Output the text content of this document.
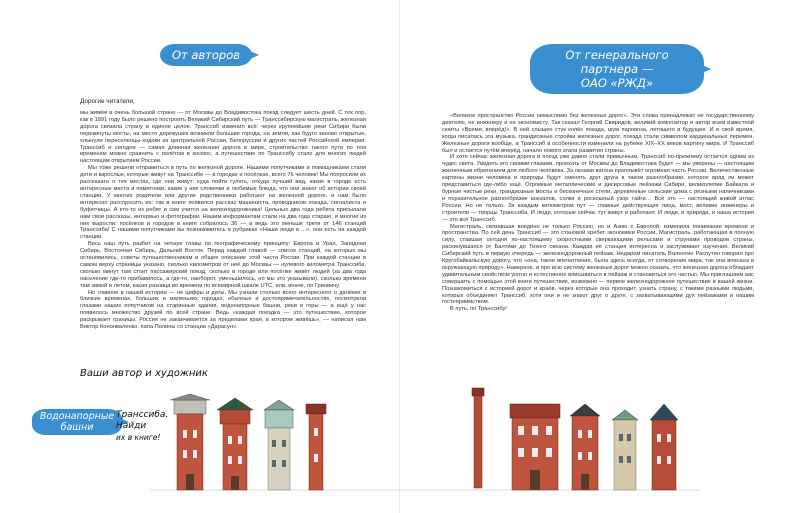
От авторов	От генерального партнера —
ОАО «РЖД»
Дорогие читатели,

мы живём в очень большой стране — от Москвы до Владивостока поезд следует шесть дней. С тех пор, как в 1891 году было решено построить Великий Сибирский путь — Транссибирскую магистраль, железная дорога связала страну в единое целое. Транссиб изменил всё: через крупнейшие реки Сибири были перекинуты мосты, на место деревушек возникли большие города, на земли, как будто заново открытые, хлынули переселенцы-ходоки из центральной России, Белоруссии и других частей Российской империи. Транссиб и сегодня — самая длинная железная дорога в мире, строительство такого пути по тем временам можно сравнить с полётом в космос, а путешествие по Транссибу стало для многих людей настоящим открытием России.

Мы тоже решили отправиться в путь по железной дороге. Нашими попутчиками и помощниками стали дети и взрослые, которые живут на Транссибе — в городах и посёлках, всего 76 человек! Мы попросили их рассказать о тех местах, где они живут: куда пойти гулять, откуда лучший вид, какие в городе есть интересные места и памятники, какие у них словечки и любимые блюда, что они знают об истории своей станции. У многих родители или другие родственники работают на железной дороге, и нам было интересно расспросить их: так в книге появился рассказ машиниста, проводников поезда, сигналиста и буфетчицы. А кто-то из ребят и сам учится на железнодорожника! Цельных два года ребята присылали нам свои рассказы, интервью и фотографии. Нашим информантам стали на два года старше, и многие из них выросли: посёлков и городов в книге собралось 36 — а ведь это меньше трети от 146 станций Транссиба! С нашими попутчиками вы познакомитесь в рубриках «Наши люди в ...», они есть на каждой станции.

Весь наш путь разбит на четыре главы по географическому принципу: Европа и Урал, Западная Сибирь, Восточная Сибирь, Дальний Восток. Перед каждой главой — список станций, на которых мы остановились, советы путешественникам и общее описание этой части России. При каждой станции в самом верху страницы указано, сколько километров от неё до Москвы — нулевого километра Транссиба, сколько минут там стоит пассажирский поезд, сколько в городе или посёлке живёт людей (за два года население где-то прибавилось, а где-то, наоборот, уменьшилось, но мы это указывали), сколько времени там зимой и летом, какая разница во времени по всемирной шкале UTC, или, иначе, по Гринвичу.

Но главное в нашей истории — не цифры и даты. Мы узнали столько всего интересного о далёких и близких временах, больших и маленьких городах, обычных и достопримечательностях, посмотрели глазами наших попутчиков на старинные здания, водонапорные башни, реки и горы — а ещё у нас появилось множество друзей по всей стране. Ведь «каждая поездка — это путешествие, которое раскрывает границы. Россия не заканчивается за пределами края, в котором живёшь», — написал нам Виктор Кононваленко, папа Полины со станции «Дарасун».

Ваши автор и художник

«Великое пространство России немыслимо без железных дорог». Эти слова принадлежат не государственному деятелю, не инженеру и не экономисту. Так сказал Георгий Свиридов, великий композитор и автор всем известной сюиты «Время, вперёд!». В ней слышен стук колёс поезда, шум паровоза, летящего в будущее. И в свой время, когда писалась эта музыка, грандиозные стройки железных дорог, поезда стали символом кардинальных перемен. Железные дороги вообще, а Транссиб в особенности изменили на рубеже XIX–XX веков картину мира. И Транссиб был и остаётся путём вперёд, начало нового этапа развития страны.

И хотя сейчас железная дорога и поезд уже давно стали привычным, Транссиб по-прежнему остаётся одним из чудес света. Увидеть его своими глазами, проехать от Москвы до Владивостока будет — мы уверены — настоящим жизненным обретением для любого человека. За окнами вагона проплывёт огромная часть России. Величественные картины жизни человека и природы будут сменять друг друга в таком разнообразии, которое вряд ли может представиться где-либо ещё. Огромные металлические и дисирсовые пейзажи Сибири, великолепие Байкала и бурные чистые реки, грандиозные мосты и бесконечные степи, деревянные сельские дома с резными наличниками и поразительное разнообразие вокзалов, солки и роскошный узор тайги… Всё это — настоящий живой атлас России. Но не только. За каждым километром пут — главные действующие лица, мост, великие инженеры и строители — творцы Транссиба. И люди, которые сейчас тут живут и работают. И люди, и природа, и наша история — это всё Транссиб.

Магистраль, связавшая воедино не только Россию, но и Азию с Европой, изменила понимание времени и пространства. По сей день Транссиб — это становой хребет экономики России. Магистраль, работающая в полную силу, ставшая сегодня по-настоящему скоростными сверкающими рельсами и струнами проводов страны, раскинувшаяся от Балтики до Тихого океана. Каждая её станция интересна и заслуживает изучения. Великий Сибирский путь в первую очередь — железнодорожный пейзаж. Недаром писатель Валентин Распутин говорил про Кругобайкальскую дорогу, что «она, такое впечатление, была здесь всегда, от сотворения мира, так она вписана в окружающую природу». Наверное, и про всю систему железных дорог можно сказать, что железная дорога обладает удивительным свойством уютно и естественно вписываться в пейзаж и становиться его частью. Мы приглашаем вас совершить с помощью этой книги путешествие, возможно — первое железнодорожное путешествие в вашей жизни. Познакомиться с историей дорог и краёв, через которые она проходит, узнать страну, с такими разными людьми, которых объединяет Транссиб, хотя они и не знают друг о друге, с захватывающими дух пейзажами и нашим гостеприимством.

В путь, по Транссибу!

Водонапорные башни
Транссиба. Найди
их в книге!
